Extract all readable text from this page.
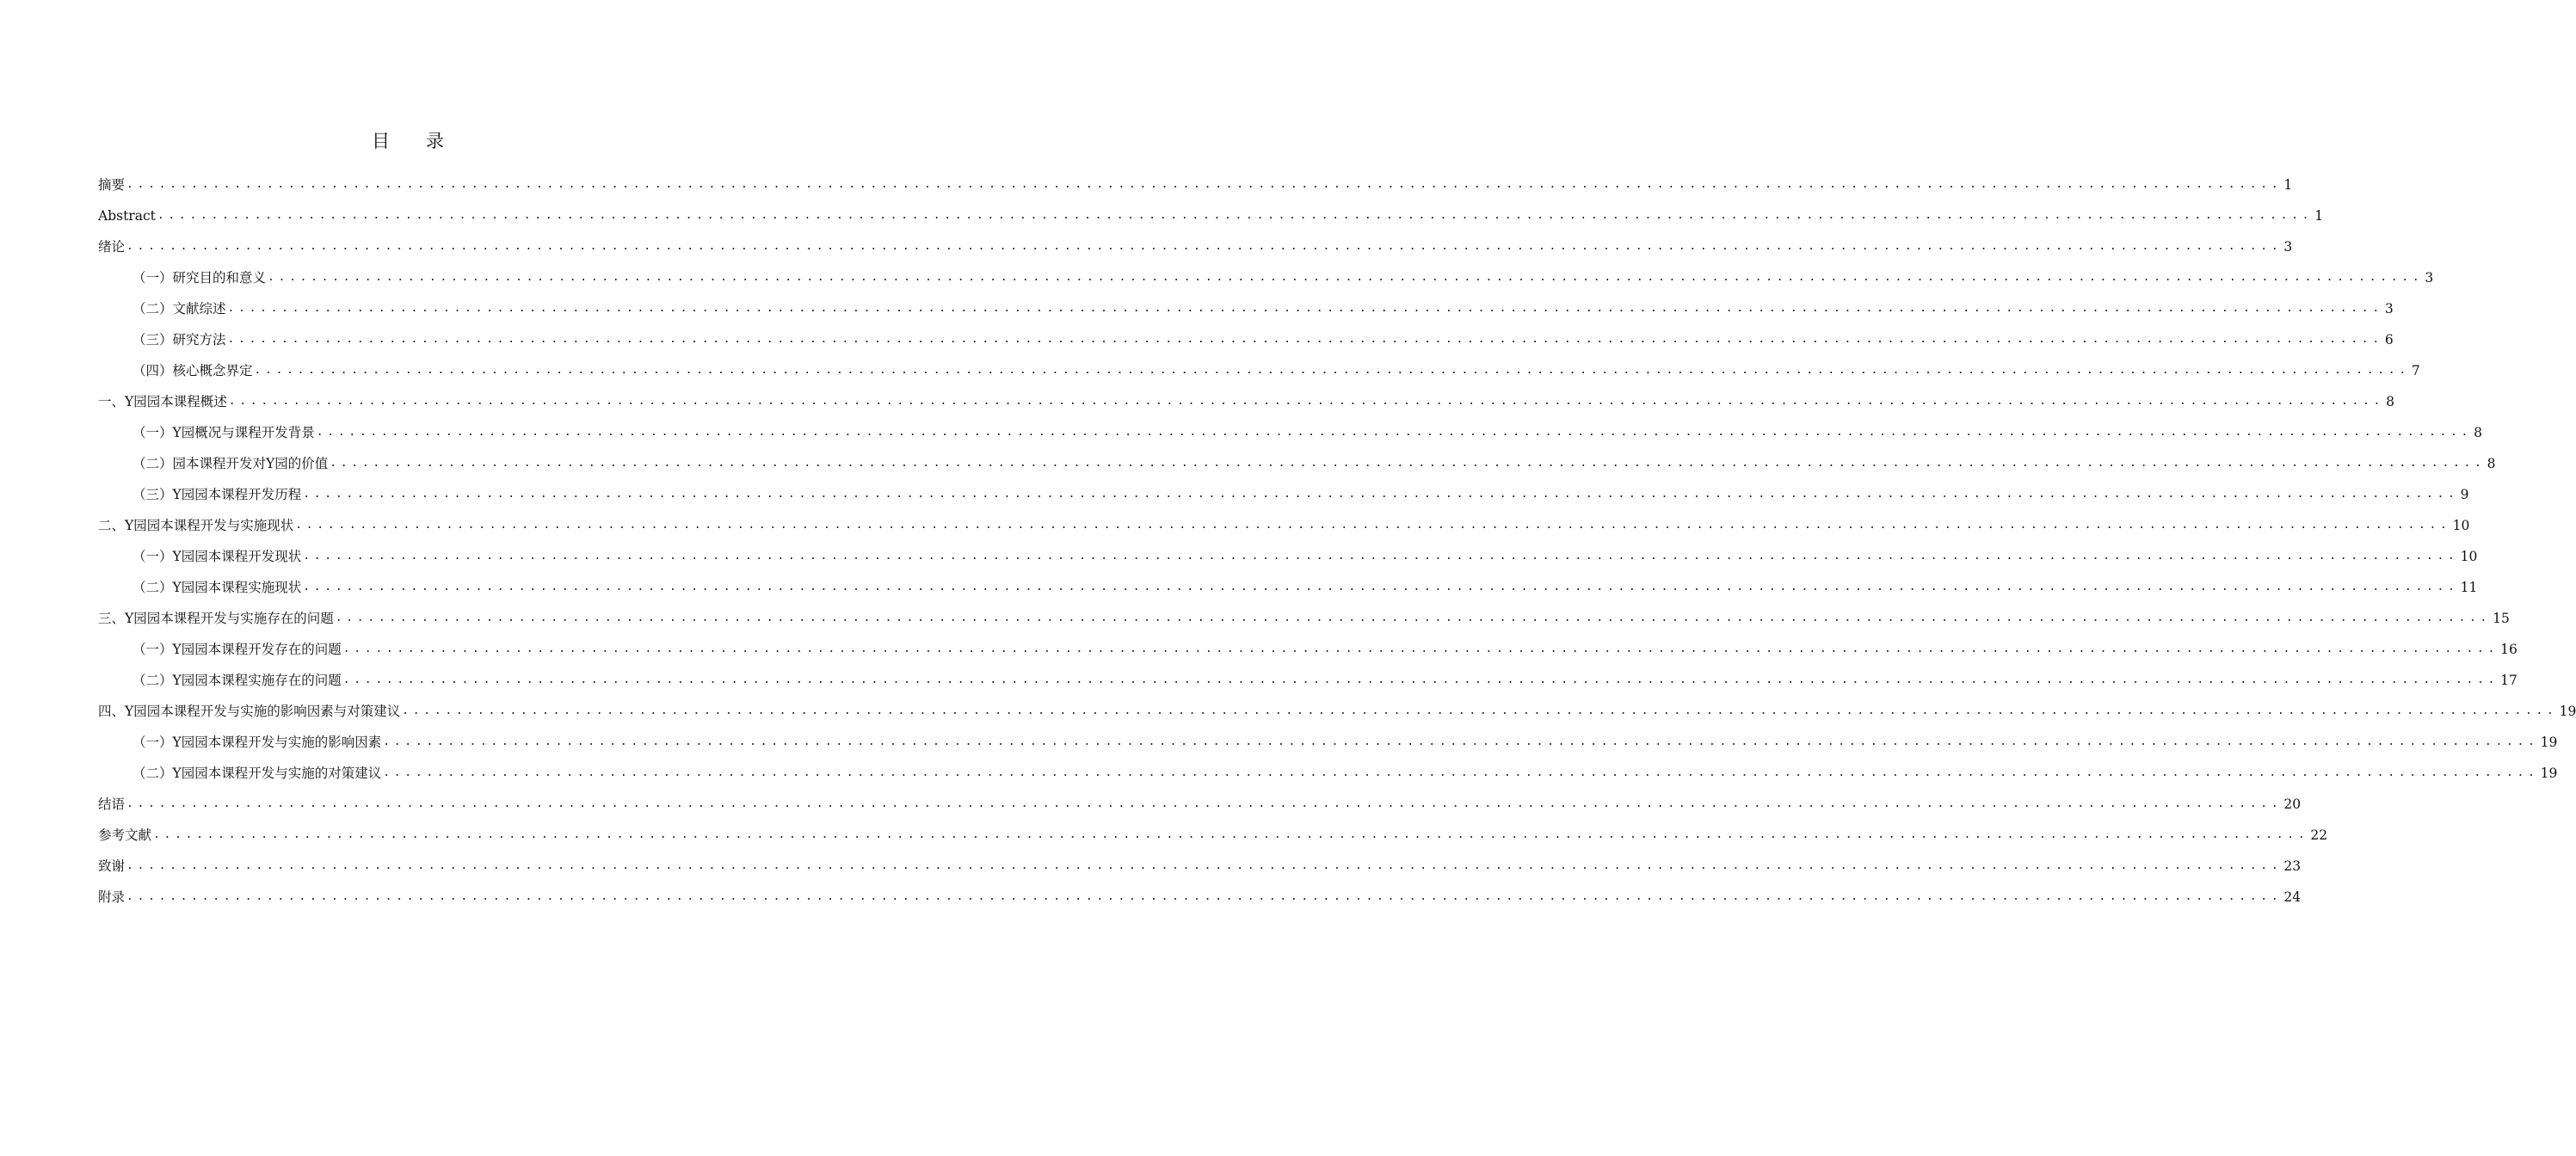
目录
摘要 ........................................................................................................................................................................................................ 1
Abstract ........................................................................................................................................................................................................ 1
绪论 ........................................................................................................................................................................................................ 3
（一）研究目的和意义 ........................................................................................................................................................................................................ 3
（二）文献综述 ........................................................................................................................................................................................................ 3
（三）研究方法 ........................................................................................................................................................................................................ 6
（四）核心概念界定 ........................................................................................................................................................................................................ 7
一、Y园园本课程概述 ........................................................................................................................................................................................................ 8
（一）Y园概况与课程开发背景 ........................................................................................................................................................................................................ 8
（二）园本课程开发对Y园的价值 ........................................................................................................................................................................................................ 8
（三）Y园园本课程开发历程 ........................................................................................................................................................................................................ 9
二、Y园园本课程开发与实施现状 ........................................................................................................................................................................................................ 10
（一）Y园园本课程开发现状 ........................................................................................................................................................................................................ 10
（二）Y园园本课程实施现状 ........................................................................................................................................................................................................ 11
三、Y园园本课程开发与实施存在的问题 ........................................................................................................................................................................................................ 15
（一）Y园园本课程开发存在的问题 ........................................................................................................................................................................................................ 16
（二）Y园园本课程实施存在的问题 ........................................................................................................................................................................................................ 17
四、Y园园本课程开发与实施的影响因素与对策建议 ........................................................................................................................................................................................................ 19
（一）Y园园本课程开发与实施的影响因素 ........................................................................................................................................................................................................ 19
（二）Y园园本课程开发与实施的对策建议 ........................................................................................................................................................................................................ 19
结语 ........................................................................................................................................................................................................ 20
参考文献 ........................................................................................................................................................................................................ 22
致谢 ........................................................................................................................................................................................................ 23
附录 ........................................................................................................................................................................................................ 24
